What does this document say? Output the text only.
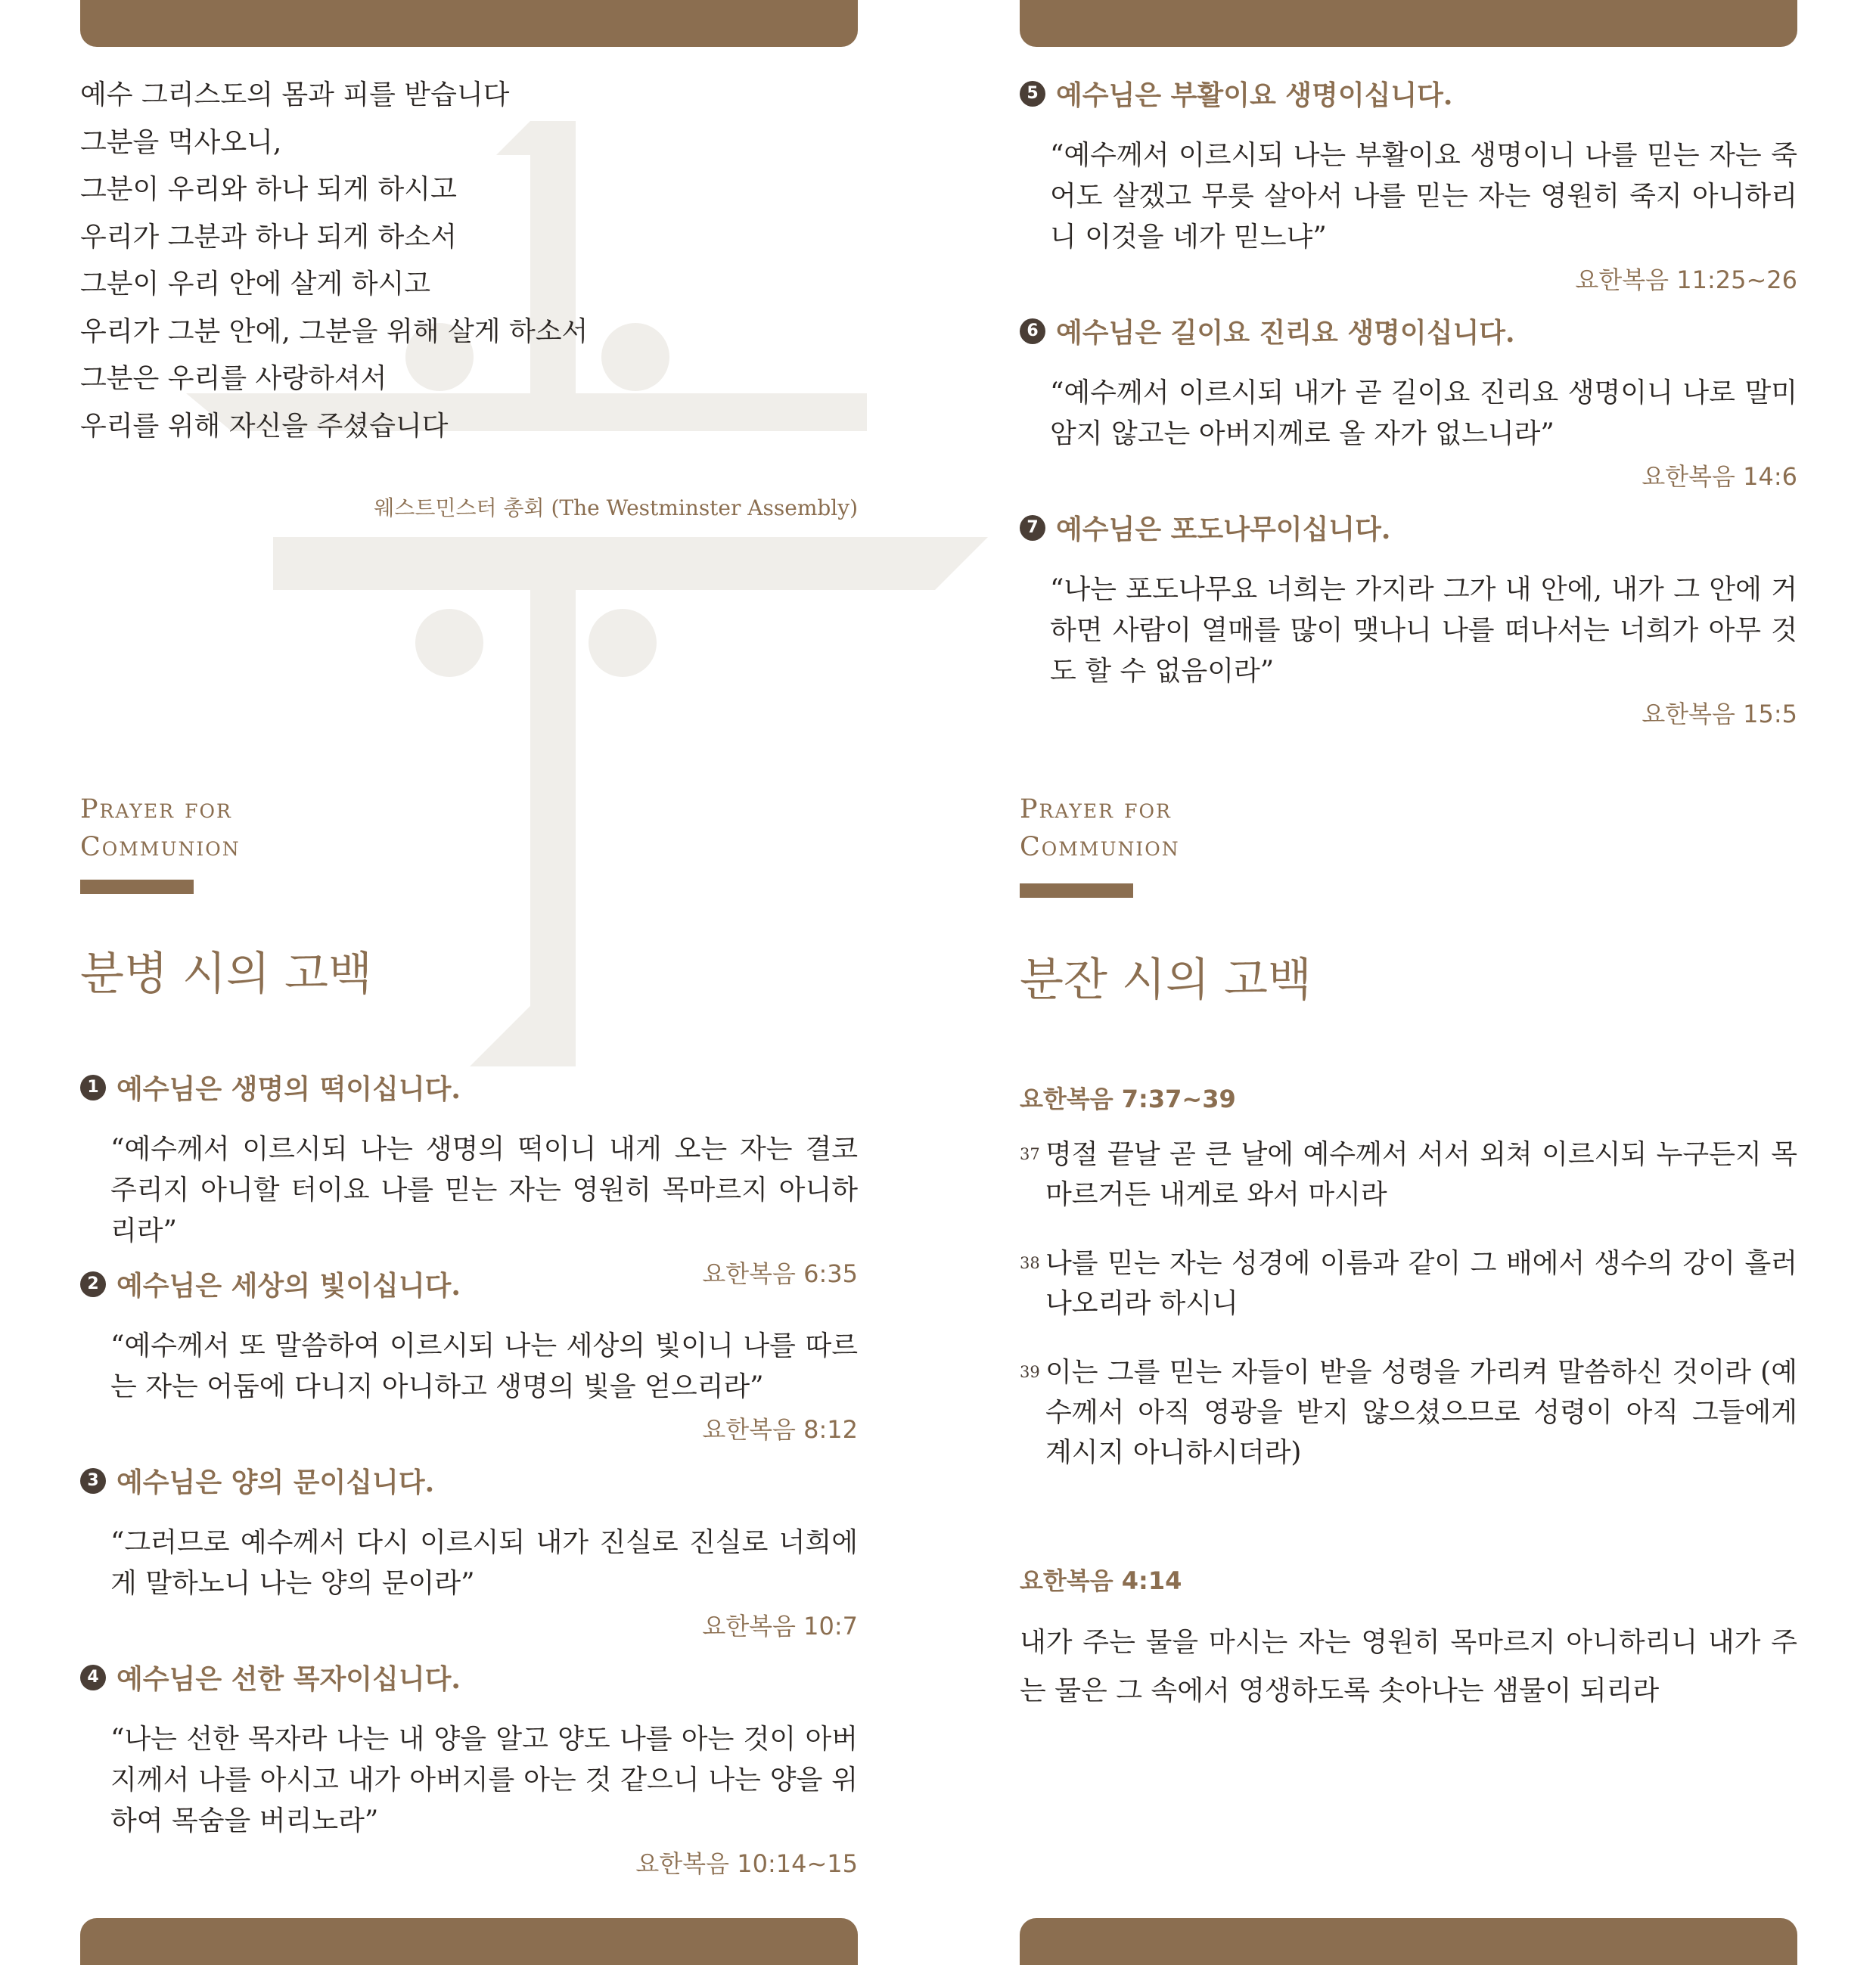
예수 그리스도의 몸과 피를 받습니다
그분을 먹사오니,
그분이 우리와 하나 되게 하시고
우리가 그분과 하나 되게 하소서
그분이 우리 안에 살게 하시고
우리가 그분 안에, 그분을 위해 살게 하소서
그분은 우리를 사랑하셔서
우리를 위해 자신을 주셨습니다
웨스트민스터 총회 (The Westminster Assembly)
Prayer for
Communion
분병 시의 고백
1 예수님은 생명의 떡이십니다.
“예수께서 이르시되 나는 생명의 떡이니 내게 오는 자는 결코 주리지 아니할 터이요 나를 믿는 자는 영원히 목마르지 아니하리라”
요한복음 6:35
2 예수님은 세상의 빛이십니다.
“예수께서 또 말씀하여 이르시되 나는 세상의 빛이니 나를 따르는 자는 어둠에 다니지 아니하고 생명의 빛을 얻으리라”
요한복음 8:12
3 예수님은 양의 문이십니다.
“그러므로 예수께서 다시 이르시되 내가 진실로 진실로 너희에게 말하노니 나는 양의 문이라”
요한복음 10:7
4 예수님은 선한 목자이십니다.
“나는 선한 목자라 나는 내 양을 알고 양도 나를 아는 것이 아버지께서 나를 아시고 내가 아버지를 아는 것 같으니 나는 양을 위하여 목숨을 버리노라”
요한복음 10:14~15
5 예수님은 부활이요 생명이십니다.
“예수께서 이르시되 나는 부활이요 생명이니 나를 믿는 자는 죽어도 살겠고 무릇 살아서 나를 믿는 자는 영원히 죽지 아니하리니 이것을 네가 믿느냐”
요한복음 11:25~26
6 예수님은 길이요 진리요 생명이십니다.
“예수께서 이르시되 내가 곧 길이요 진리요 생명이니 나로 말미암지 않고는 아버지께로 올 자가 없느니라”
요한복음 14:6
7 예수님은 포도나무이십니다.
“나는 포도나무요 너희는 가지라 그가 내 안에, 내가 그 안에 거하면 사람이 열매를 많이 맺나니 나를 떠나서는 너희가 아무 것도 할 수 없음이라”
요한복음 15:5
Prayer for
Communion
분잔 시의 고백
요한복음 7:37~39
37 명절 끝날 곧 큰 날에 예수께서 서서 외쳐 이르시되 누구든지 목마르거든 내게로 와서 마시라
38 나를 믿는 자는 성경에 이름과 같이 그 배에서 생수의 강이 흘러나오리라 하시니
39 이는 그를 믿는 자들이 받을 성령을 가리켜 말씀하신 것이라 (예수께서 아직 영광을 받지 않으셨으므로 성령이 아직 그들에게 계시지 아니하시더라)
요한복음 4:14
내가 주는 물을 마시는 자는 영원히 목마르지 아니하리니 내가 주는 물은 그 속에서 영생하도록 솟아나는 샘물이 되리라
